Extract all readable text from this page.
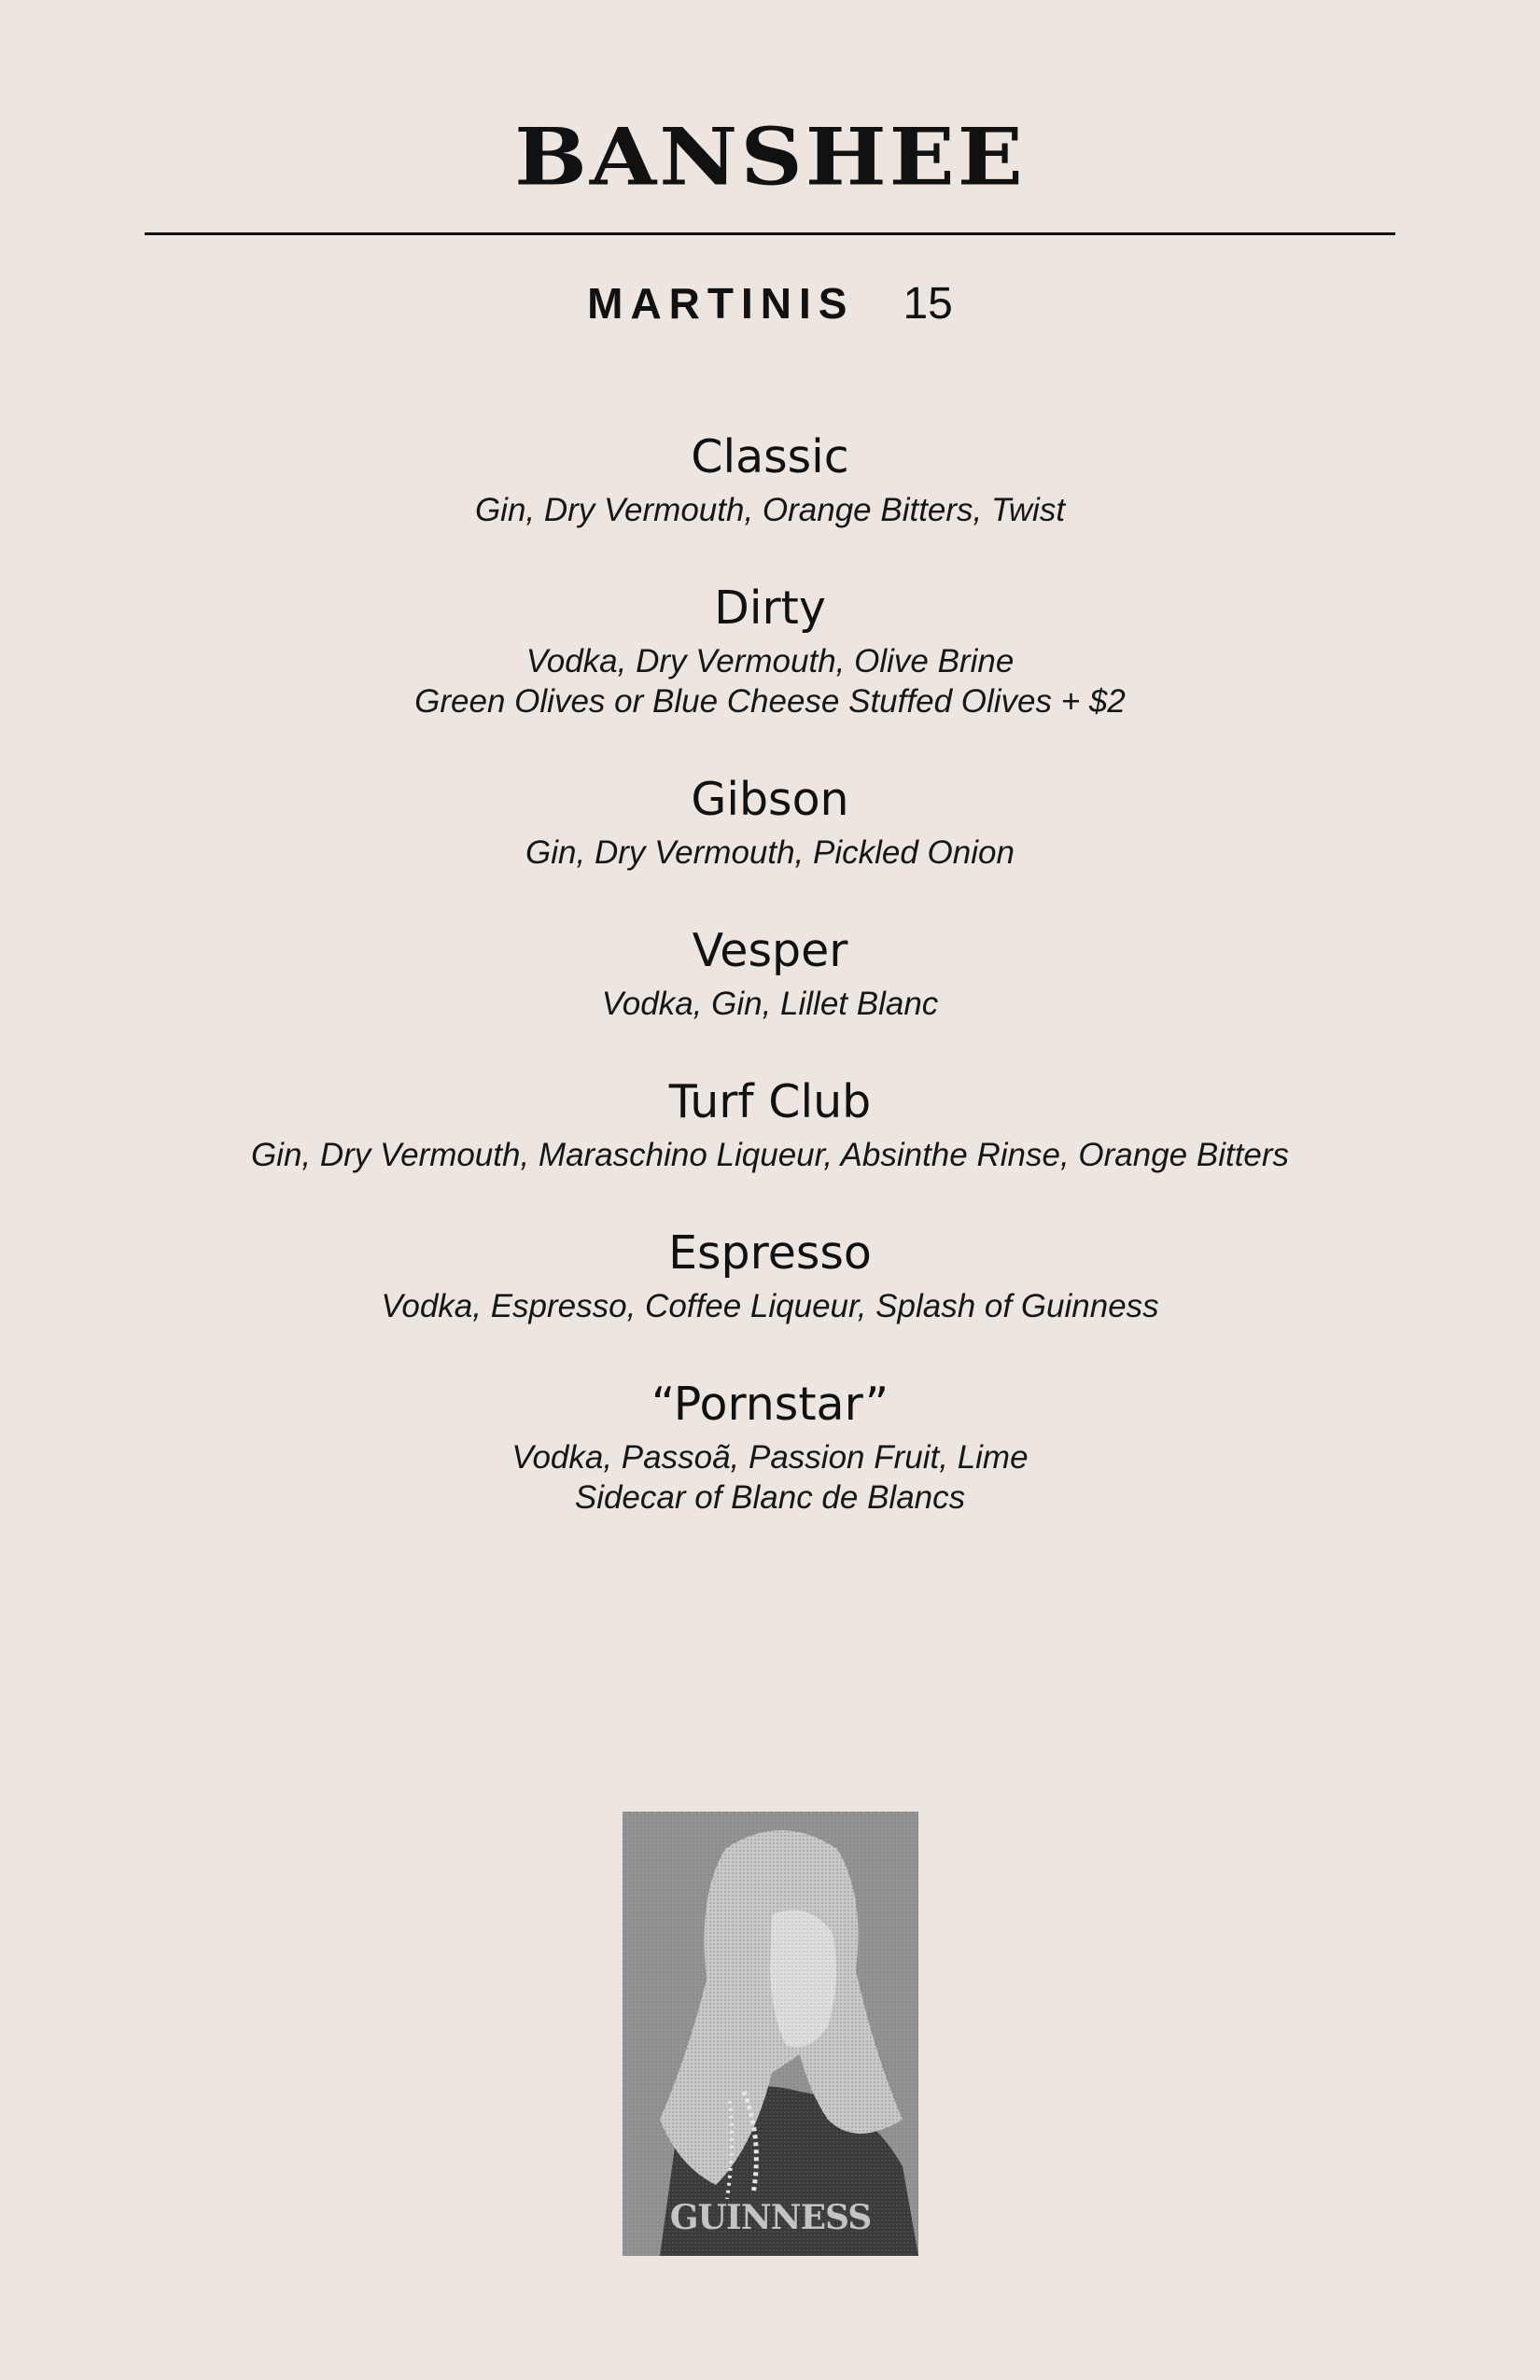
BANSHEE
MARTINIS 15
Classic
Gin, Dry Vermouth, Orange Bitters, Twist
Dirty
Vodka, Dry Vermouth, Olive Brine
Green Olives or Blue Cheese Stuffed Olives + $2
Gibson
Gin, Dry Vermouth, Pickled Onion
Vesper
Vodka, Gin, Lillet Blanc
Turf Club
Gin, Dry Vermouth, Maraschino Liqueur, Absinthe Rinse, Orange Bitters
Espresso
Vodka, Espresso, Coffee Liqueur, Splash of Guinness
“Pornstar”
Vodka, Passoã, Passion Fruit, Lime
Sidecar of Blanc de Blancs
GUINNESS
